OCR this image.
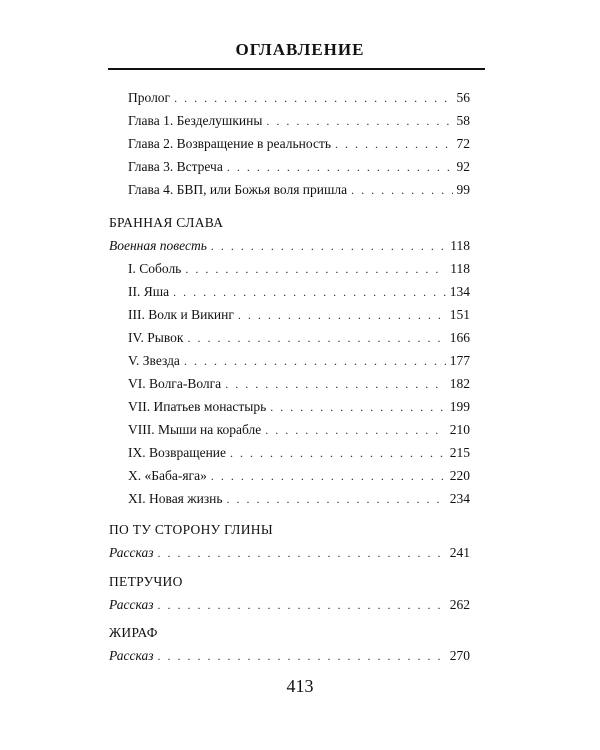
ОГЛАВЛЕНИЕ
Пролог . . .	56
Глава 1. Безделушкины . . .	58
Глава 2. Возвращение в реальность . . .	72
Глава 3. Встреча . . .	92
Глава 4. БВП, или Божья воля пришла . . .	99
БРАННАЯ СЛАВА
Военная повесть . . .	118
I. Соболь . . .	118
II. Яша . . .	134
III. Волк и Викинг . . .	151
IV. Рывок . . .	166
V. Звезда . . .	177
VI. Волга-Волга . . .	182
VII. Ипатьев монастырь . . .	199
VIII. Мыши на корабле . . .	210
IX. Возвращение . . .	215
X. «Баба-яга» . . .	220
XI. Новая жизнь . . .	234
ПО ТУ СТОРОНУ ГЛИНЫ
Рассказ . . .	241
ПЕТРУЧИО
Рассказ . . .	262
ЖИРАФ
Рассказ . . .	270
413
